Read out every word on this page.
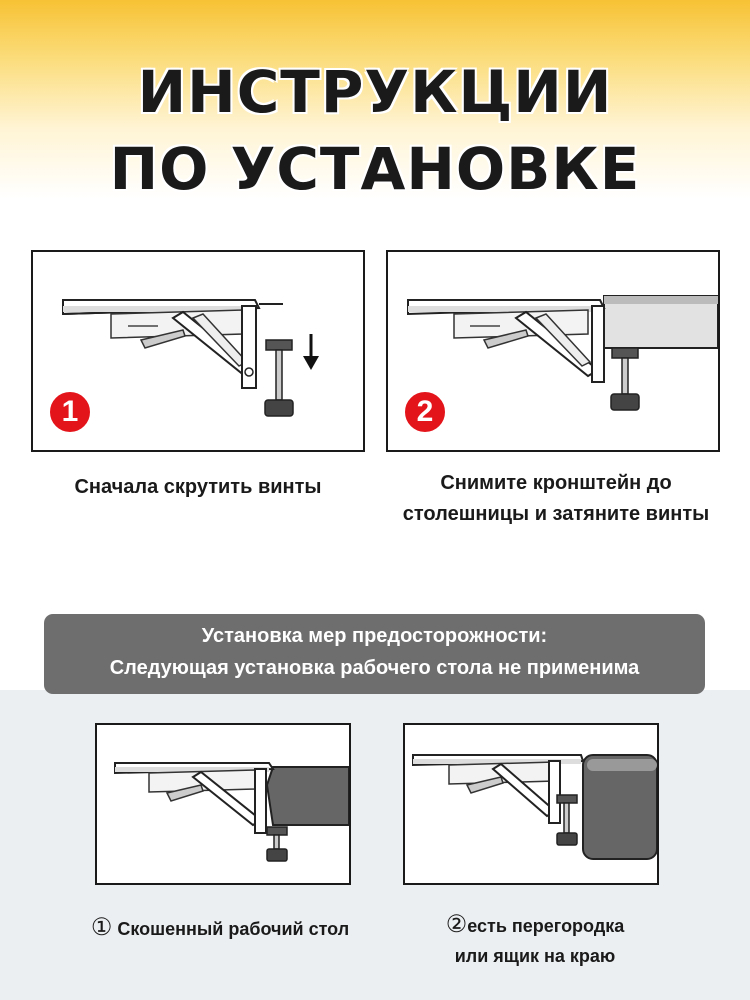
ИНСТРУКЦИИ
ПО УСТАНОВКЕ
1	2
Сначала скрутить винты	Снимите кронштейн до
столешницы и затяните винты
Установка мер предосторожности:
Следующая установка рабочего стола не применима
① Скошенный рабочий стол	②есть перегородка
или ящик на краю
